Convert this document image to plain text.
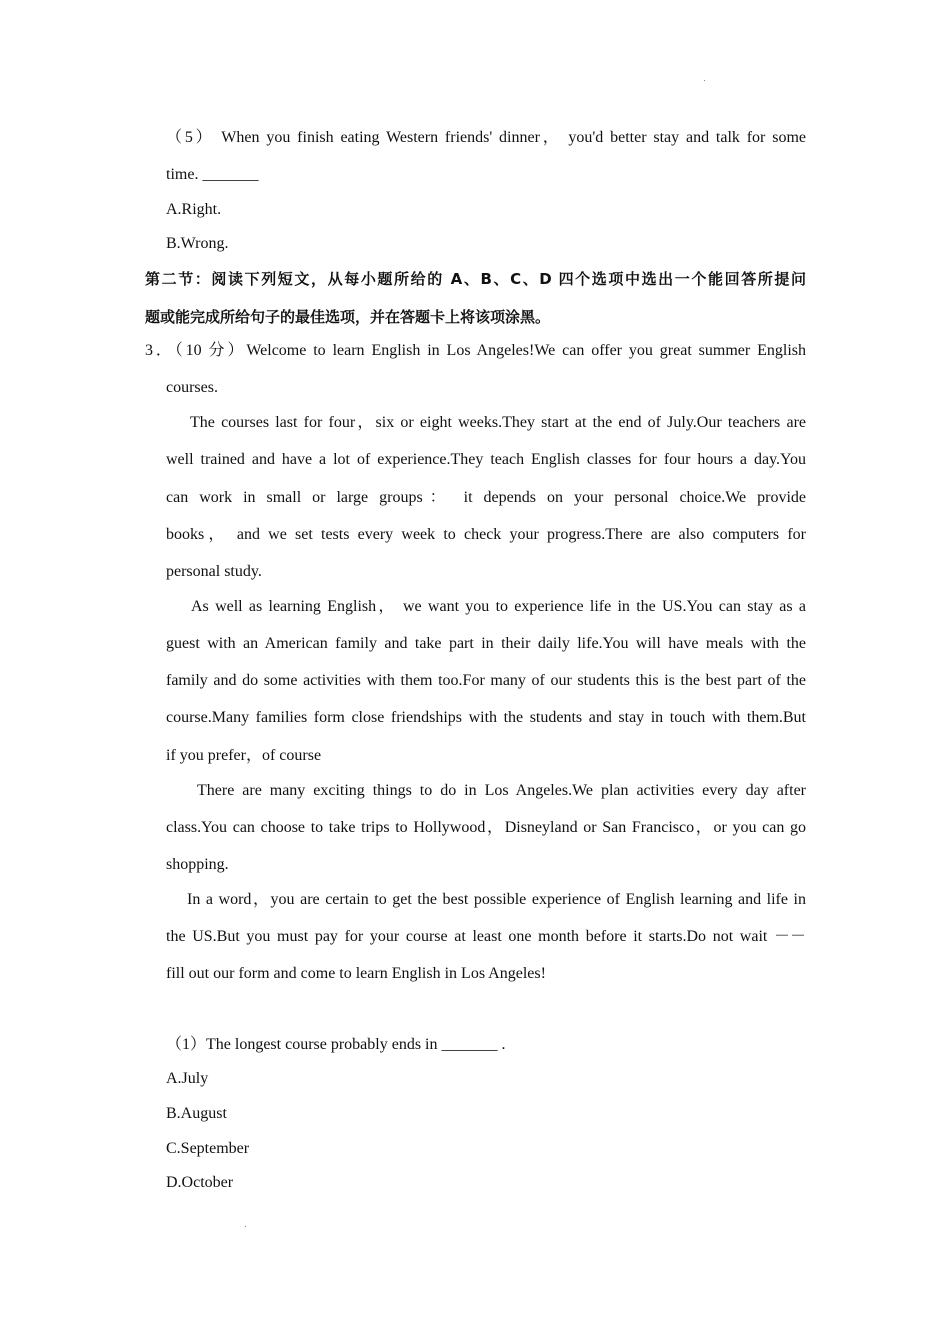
（5） When you finish eating Western friends' dinner， you'd better stay and talk for some
time. _______
A.Right.
B.Wrong.
第二节：阅读下列短文，从每小题所给的 A、B、C、D 四个选项中选出一个能回答所提问
题或能完成所给句子的最佳选项，并在答题卡上将该项涂黑。
3．（10 分）Welcome to learn English in Los Angeles!We can offer you great summer English
courses.
The courses last for four，six or eight weeks.They start at the end of July.Our teachers are
well trained and have a lot of experience.They teach English classes for four hours a day.You
can work in small or large groups： it depends on your personal choice.We provide
books， and we set tests every week to check your progress.There are also computers for
personal study.
As well as learning English， we want you to experience life in the US.You can stay as a
guest with an American family and take part in their daily life.You will have meals with the
family and do some activities with them too.For many of our students this is the best part of the
course.Many families form close friendships with the students and stay in touch with them.But
if you prefer，of course
There are many exciting things to do in Los Angeles.We plan activities every day after
class.You can choose to take trips to Hollywood，Disneyland or San Francisco，or you can go
shopping.
In a word，you are certain to get the best possible experience of English learning and life in
the US.But you must pay for your course at least one month before it starts.Do not wait －－
fill out our form and come to learn English in Los Angeles!
（1）The longest course probably ends in _______ .
A.July
B.August
C.September
D.October
